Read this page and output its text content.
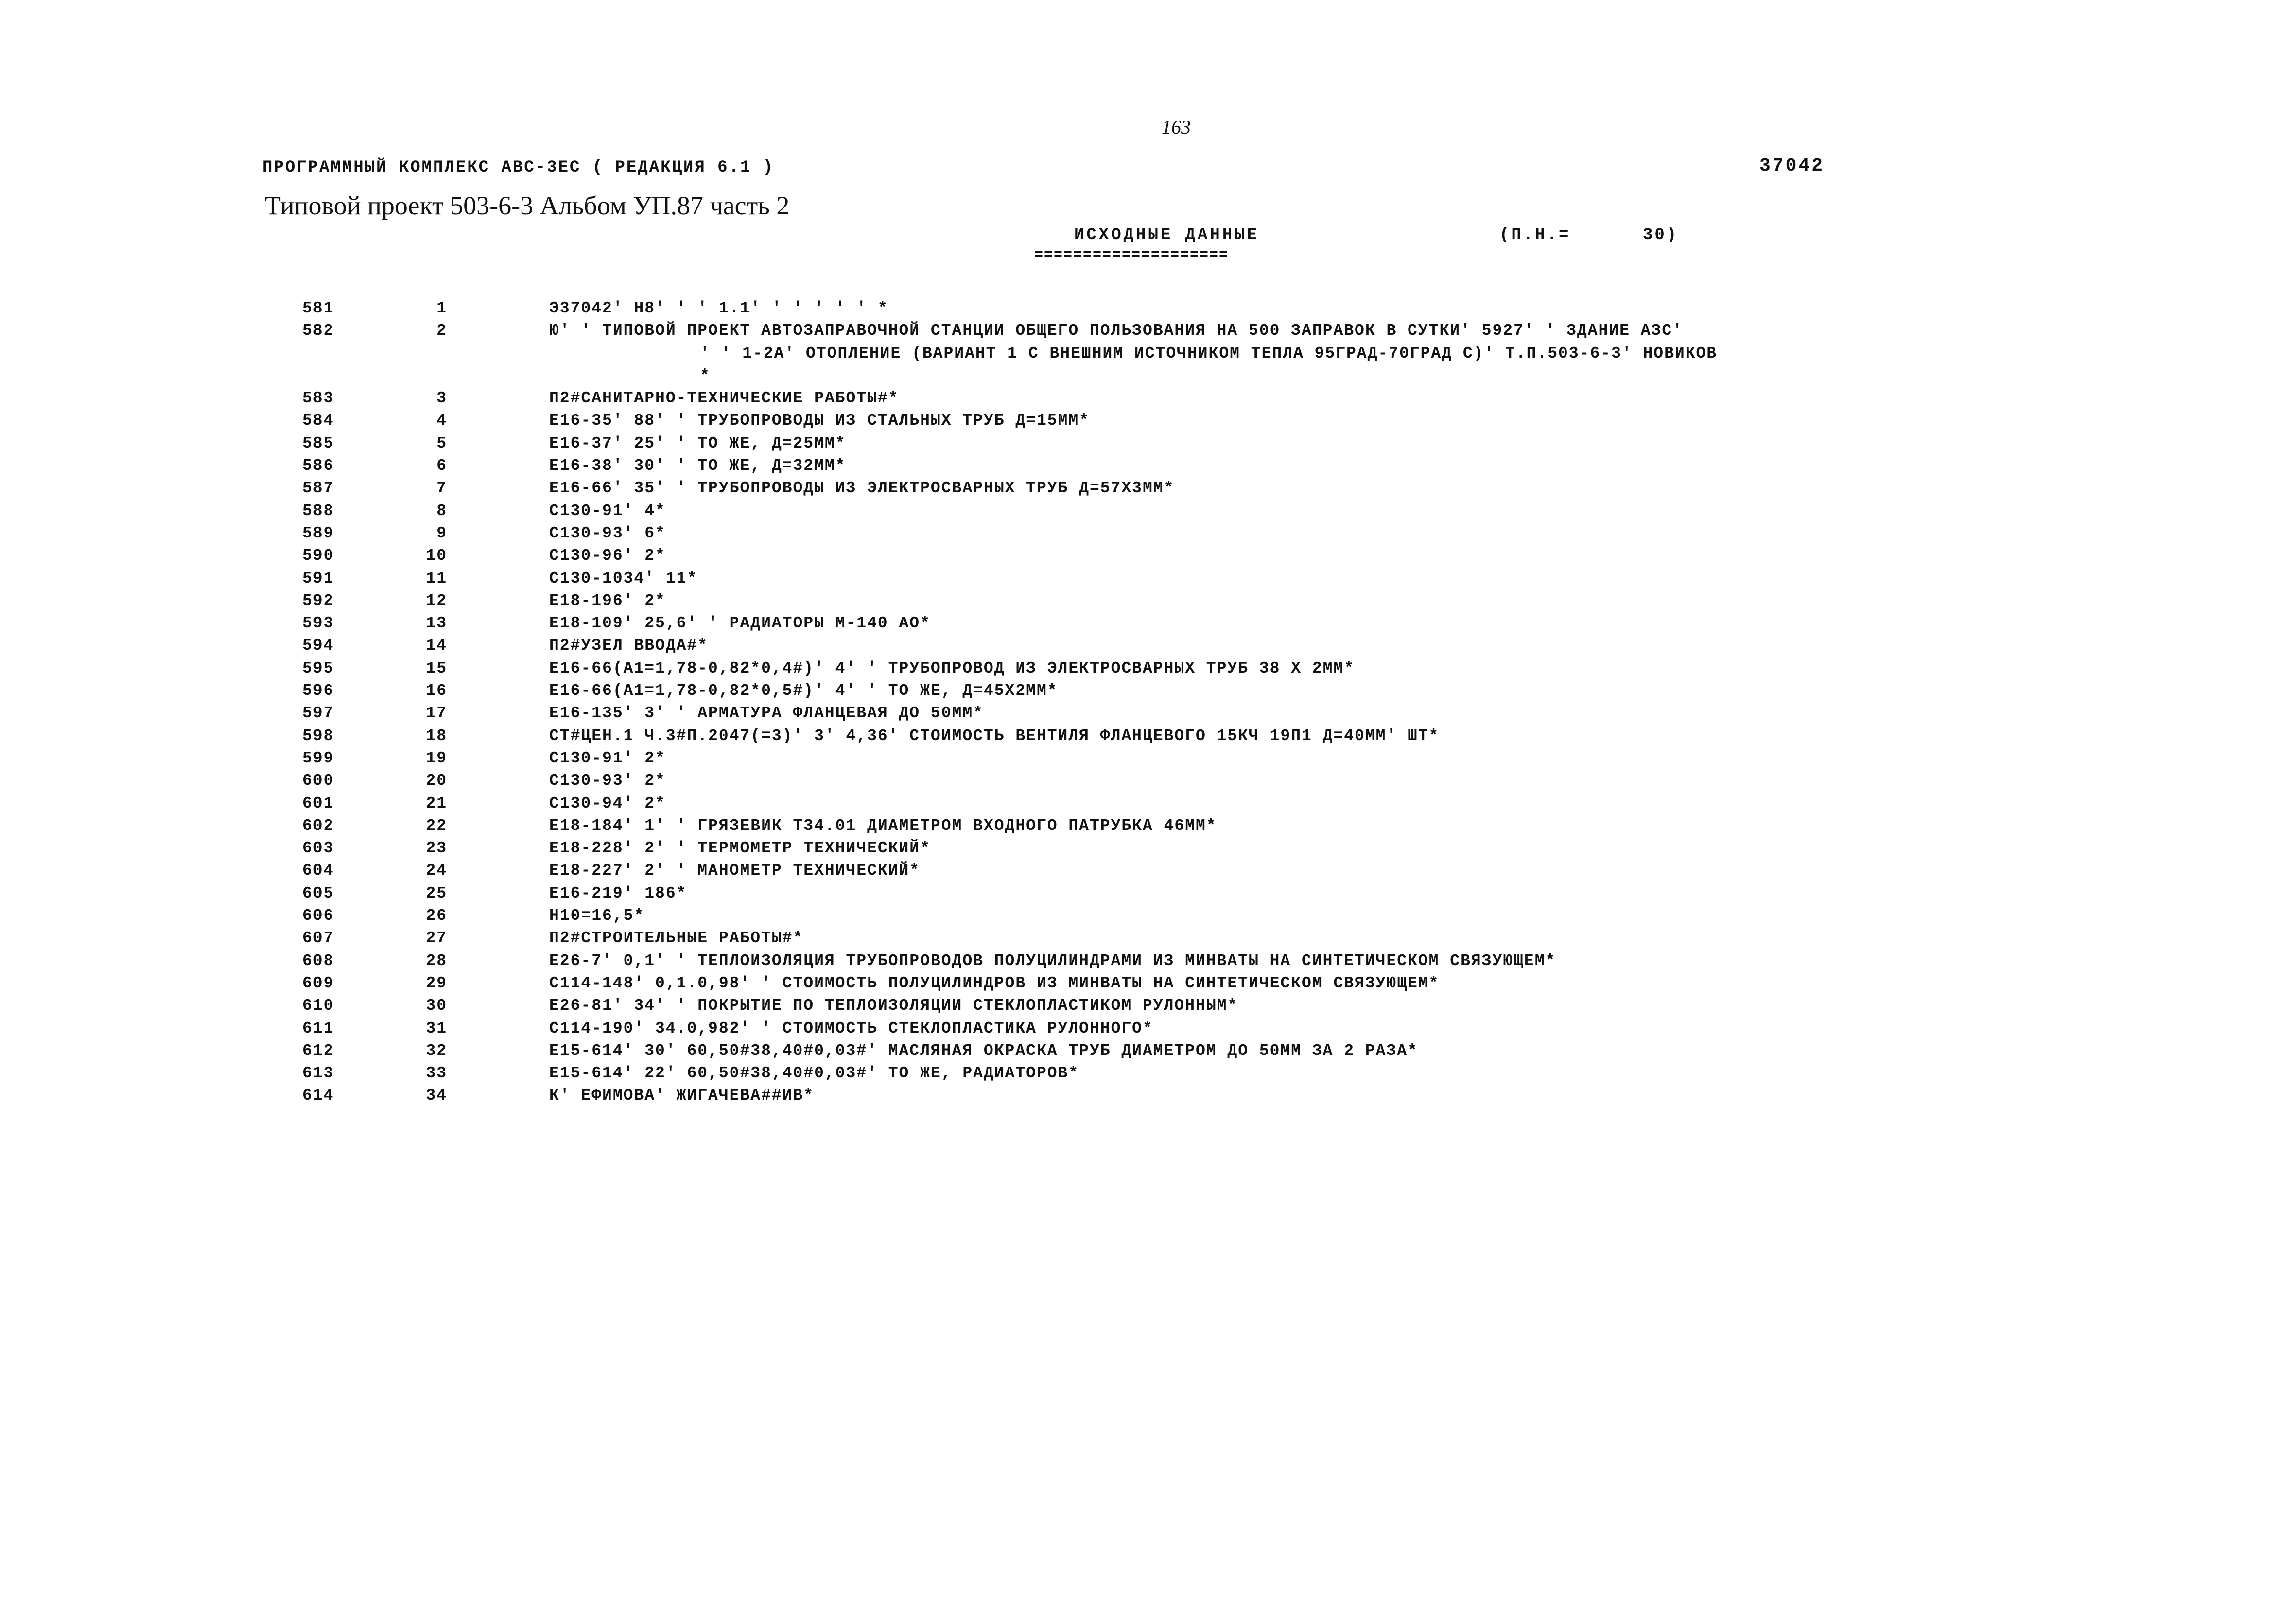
163
ПРОГРАММНЫЙ КОМПЛЕКС АВС-3ЕС ( РЕДАКЦИЯ 6.1 )	37042
Типовой проект 503-6-3 Альбом УП.87 часть 2
ИСХОДНЫЕ ДАННЫЕ
====================
(П.Н.=	30)
581	1	Э37042' Н8' ' ' 1.1' ' ' ' ' ' *
582	2	Ю' ' ТИПОВОЙ ПРОЕКТ АВТОЗАПРАВОЧНОЙ СТАНЦИИ ОБЩЕГО ПОЛЬЗОВАНИЯ НА 500 ЗАПРАВОК В СУТКИ' 5927' ' ЗДАНИЕ АЗС'
' ' 1-2А' ОТОПЛЕНИЕ (ВАРИАНТ 1 С ВНЕШНИМ ИСТОЧНИКОМ ТЕПЛА 95ГРАД-70ГРАД С)' Т.П.503-6-3' НОВИКОВ
*
583	3	П2#САНИТАРНО-ТЕХНИЧЕСКИЕ РАБОТЫ#*
584	4	Е16-35' 88' ' ТРУБОПРОВОДЫ ИЗ СТАЛЬНЫХ ТРУБ Д=15ММ*
585	5	Е16-37' 25' ' ТО ЖЕ, Д=25ММ*
586	6	Е16-38' 30' ' ТО ЖЕ, Д=32ММ*
587	7	Е16-66' 35' ' ТРУБОПРОВОДЫ ИЗ ЭЛЕКТРОСВАРНЫХ ТРУБ Д=57Х3ММ*
588	8	С130-91' 4*
589	9	С130-93' 6*
590	10	С130-96' 2*
591	11	С130-1034' 11*
592	12	Е18-196' 2*
593	13	Е18-109' 25,6' ' РАДИАТОРЫ М-140 АО*
594	14	П2#УЗЕЛ ВВОДА#*
595	15	Е16-66(А1=1,78-0,82*0,4#)' 4' ' ТРУБОПРОВОД ИЗ ЭЛЕКТРОСВАРНЫХ ТРУБ 38 Х 2ММ*
596	16	Е16-66(А1=1,78-0,82*0,5#)' 4' ' ТО ЖЕ, Д=45Х2ММ*
597	17	Е16-135' 3' ' АРМАТУРА ФЛАНЦЕВАЯ ДО 50ММ*
598	18	СТ#ЦЕН.1 Ч.3#П.2047(=3)' 3' 4,36' СТОИМОСТЬ ВЕНТИЛЯ ФЛАНЦЕВОГО 15КЧ 19П1 Д=40ММ' ШТ*
599	19	С130-91' 2*
600	20	С130-93' 2*
601	21	С130-94' 2*
602	22	Е18-184' 1' ' ГРЯЗЕВИК Т34.01 ДИАМЕТРОМ ВХОДНОГО ПАТРУБКА 46ММ*
603	23	Е18-228' 2' ' ТЕРМОМЕТР ТЕХНИЧЕСКИЙ*
604	24	Е18-227' 2' ' МАНОМЕТР ТЕХНИЧЕСКИЙ*
605	25	Е16-219' 186*
606	26	Н10=16,5*
607	27	П2#СТРОИТЕЛЬНЫЕ РАБОТЫ#*
608	28	Е26-7' 0,1' ' ТЕПЛОИЗОЛЯЦИЯ ТРУБОПРОВОДОВ ПОЛУЦИЛИНДРАМИ ИЗ МИНВАТЫ НА СИНТЕТИЧЕСКОМ СВЯЗУЮЩЕМ*
609	29	С114-148' 0,1.0,98' ' СТОИМОСТЬ ПОЛУЦИЛИНДРОВ ИЗ МИНВАТЫ НА СИНТЕТИЧЕСКОМ СВЯЗУЮЩЕМ*
610	30	Е26-81' 34' ' ПОКРЫТИЕ ПО ТЕПЛОИЗОЛЯЦИИ СТЕКЛОПЛАСТИКОМ РУЛОННЫМ*
611	31	С114-190' 34.0,982' ' СТОИМОСТЬ СТЕКЛОПЛАСТИКА РУЛОННОГО*
612	32	Е15-614' 30' 60,50#38,40#0,03#' МАСЛЯНАЯ ОКРАСКА ТРУБ ДИАМЕТРОМ ДО 50ММ ЗА 2 РАЗА*
613	33	Е15-614' 22' 60,50#38,40#0,03#' ТО ЖЕ, РАДИАТОРОВ*
614	34	К' ЕФИМОВА' ЖИГАЧЕВА##ИВ*
